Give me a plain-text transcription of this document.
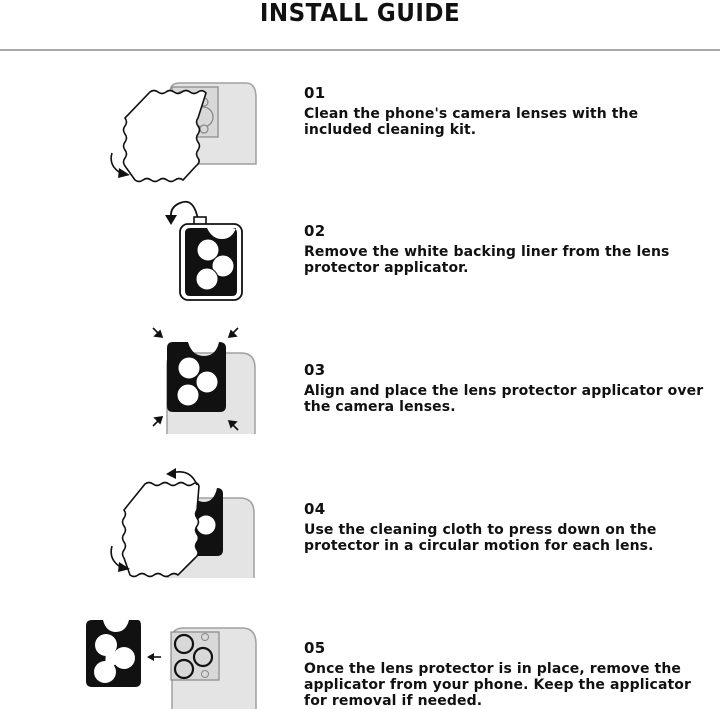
INSTALL GUIDE
01
Clean the phone's camera lenses with the included cleaning kit.
02
Remove the white backing liner from the lens protector applicator.
03
Align and place the lens protector applicator over the camera lenses.
04
Use the cleaning cloth to press down on the protector in a circular motion for each lens.
05
Once the lens protector is in place, remove the applicator from your phone. Keep the applicator for removal if needed.
